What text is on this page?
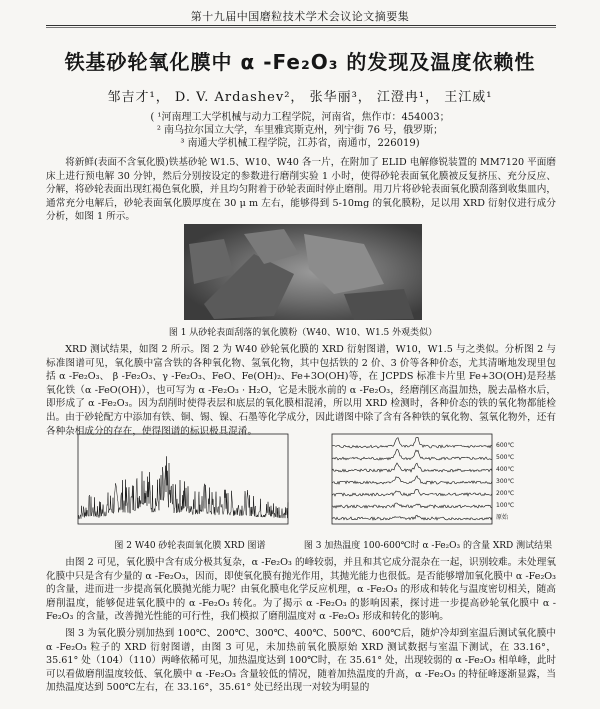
第十九届中国磨粒技术学术会议论文摘要集
铁基砂轮氧化膜中 α -Fe₂O₃ 的发现及温度依赖性
邹吉才¹， D. V. Ardashev²， 张华丽³， 江澄冉¹， 王江威¹
( ¹河南理工大学机械与动力工程学院，河南省，焦作市：454003；
² 南乌拉尔国立大学，车里雅宾斯克州，列宁街 76 号，俄罗斯；
³ 南通大学机械工程学院，江苏省，南通市，226019)

将新鲜(表面不含氧化膜)铁基砂轮 W1.5、W10、W40 各一片，在附加了 ELID 电解修锐装置的 MM7120 平面磨床上进行预电解 30 分钟，然后分别按设定的参数进行磨削实验 1 小时，使得砂轮表面氧化膜被反复挤压、充分反应、分解，将砂轮表面出现红褐色氧化膜，并且均匀附着于砂轮表面时停止磨削。用刀片将砂轮表面氧化膜刮落到收集皿内，通常充分电解后，砂轮表面氧化膜厚度在 30 μ m 左右，能够得到 5-10mg 的氧化膜粉，足以用 XRD 衍射仪进行成分分析，如图 1 所示。

图 1 从砂轮表面刮落的氧化膜粉（W40、W10、W1.5 外观类似）

XRD 测试结果，如图 2 所示。图 2 为 W40 砂轮氧化膜的 XRD 衍射图谱，W10，W1.5 与之类似。分析图 2 与标准图谱可见，氧化膜中富含铁的各种氧化物、氢氧化物，其中包括铁的 2 价、3 价等各种价态，尤其清晰地发现里包括 α -Fe₂O₃、 β -Fe₂O₃、γ -Fe₂O₃、FeO、Fe(OH)₂、Fe+3O(OH)等，在 JCPDS 标准卡片里 Fe+3O(OH)是羟基氧化铁（α -FeO(OH)），也可写为 α -Fe₂O₃ · H₂O，它是未脱水前的 α -Fe₂O₃，经磨削区高温加热，脱去晶格水后，即形成了 α -Fe₂O₃。因为刮削时使得表层和底层的氧化膜相混淆，所以用 XRD 检测时，各种价态的铁的氧化物都能检出。由于砂轮配方中添加有铁、铜、锡、镍、石墨等化学成分，因此谱图中除了含有各种铁的氧化物、氢氧化物外，还有各种杂相成分的存在，使得图谱的标识极具混淆。

图 2 W40 砂轮表面氧化膜 XRD 图谱
原始
100℃
200℃
300℃
400℃
500℃
600℃
图 3 加热温度 100-600℃时 α -Fe₂O₃ 的含量 XRD 测试结果

由图 2 可见，氧化膜中含有成分极其复杂，α -Fe₂O₃ 的峰较弱，并且和其它成分混杂在一起，识别较难。未处理氧化膜中只是含有少量的 α -Fe₂O₃，因而，即使氧化膜有抛光作用，其抛光能力也很低。是否能够增加氧化膜中 α -Fe₂O₃ 的含量，进而进一步提高氧化膜抛光能力呢？由氧化膜电化学反应机理，α -Fe₂O₃ 的形成和转化与温度密切相关，随高磨削温度，能够促进氧化膜中的 α -Fe₂O₃ 转化。为了揭示 α -Fe₂O₃ 的影响因素，探讨进一步提高砂轮氧化膜中 α -Fe₂O₃ 的含量，改善抛光性能的可行性，我们模拟了磨削温度对 α -Fe₂O₃ 形成和转化的影响。

图 3 为氧化膜分别加热到 100℃、200℃、300℃、400℃、500℃、600℃后，随炉冷却到室温后测试氧化膜中 α -Fe₂O₃ 粒子的 XRD 衍射图谱，由图 3 可见，未加热前氧化膜原始 XRD 测试数据与室温下测试，在 33.16°，35.61° 处（104）（110）两峰依稀可见，加热温度达到 100℃时，在 35.61° 处，出现较弱的 α -Fe₂O₃ 相单峰，此时可以看做磨削温度较低、氧化膜中 α -Fe₂O₃ 含量较低的情况，随着加热温度的升高，α -Fe₂O₃ 的特征峰逐渐显露，当加热温度达到 500℃左右，在 33.16°，35.61° 处已经出现一对较为明显的
